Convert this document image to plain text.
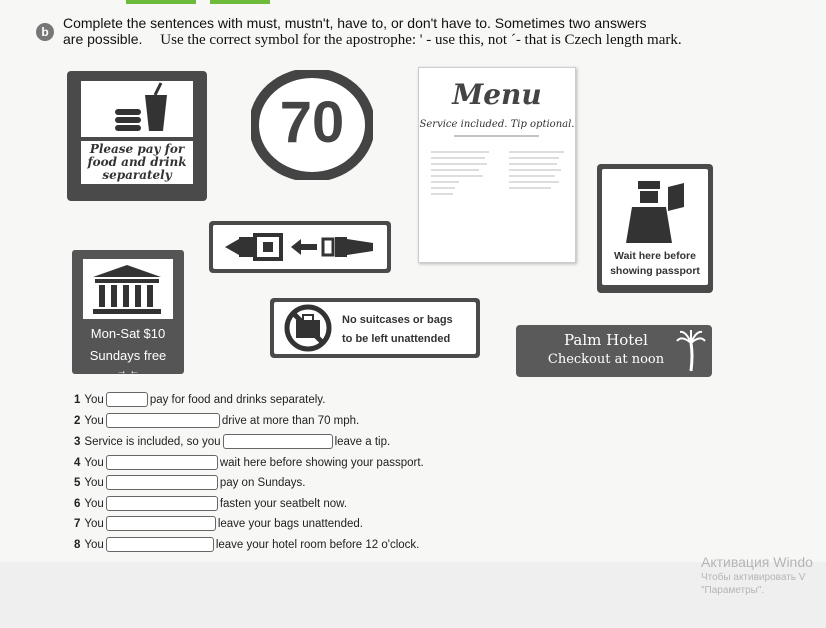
b
Complete the sentences with must, mustn't, have to, or don't have to. Sometimes two answers
are possible. Use the correct symbol for the apostrophe: ' - use this, not ´- that is Czech length mark.
Please pay for food and drink separately
70	Menu
Service included. Tip optional.
Wait here before
showing passport
Mon-Sat $10
Sundays free
→ ←
No suitcases or bags
to be left unattended	Palm Hotel
Checkout at noon
1 You	pay for food and drinks separately.
2 You	drive at more than 70 mph.
3 Service is included, so you	leave a tip.
4 You	wait here before showing your passport.
5 You	pay on Sundays.
6 You	fasten your seatbelt now.
7 You	leave your bags unattended.
8 You	leave your hotel room before 12 o'clock.
Активация Windo
Чтобы активировать V
"Параметры".
